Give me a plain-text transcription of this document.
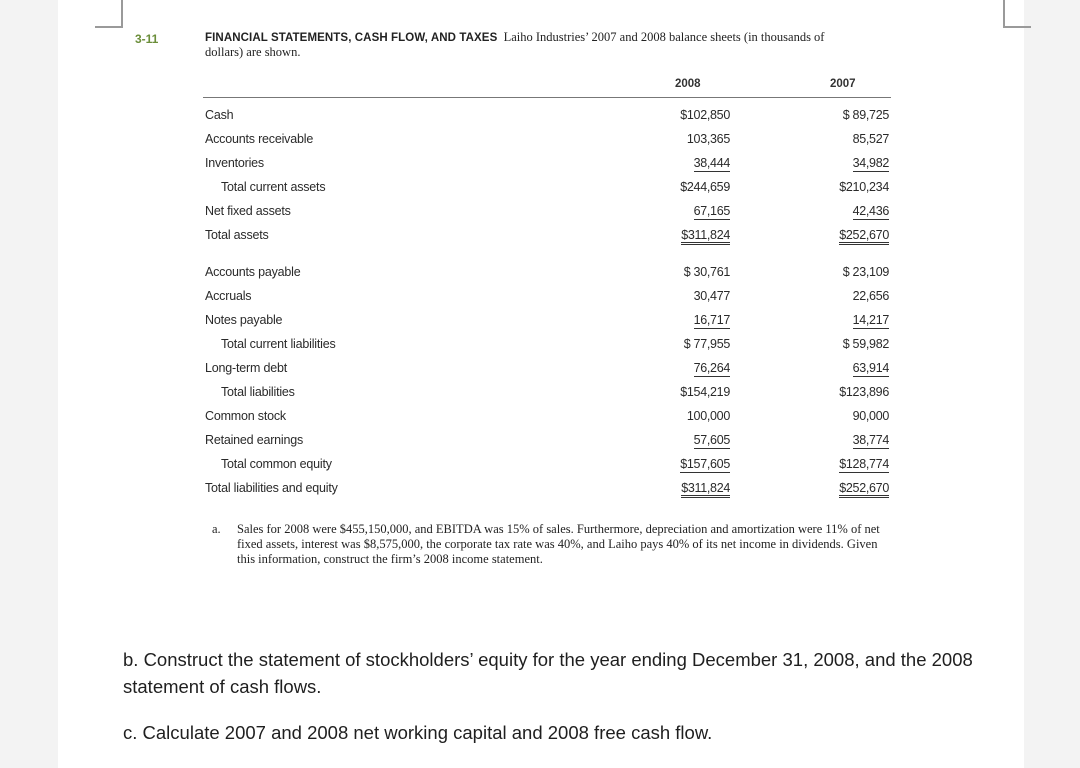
3-11	FINANCIAL STATEMENTS, CASH FLOW, AND TAXES Laiho Industries’ 2007 and 2008 balance sheets (in thousands of dollars) are shown.
2008	2007
Cash	$102,850	$ 89,725
Accounts receivable	103,365	85,527
Inventories	38,444	34,982
Total current assets	$244,659	$210,234
Net fixed assets	67,165	42,436
Total assets	$311,824	$252,670
Accounts payable	$ 30,761	$ 23,109
Accruals	30,477	22,656
Notes payable	16,717	14,217
Total current liabilities	$ 77,955	$ 59,982
Long-term debt	76,264	63,914
Total liabilities	$154,219	$123,896
Common stock	100,000	90,000
Retained earnings	57,605	38,774
Total common equity	$157,605	$128,774
Total liabilities and equity	$311,824	$252,670
a. Sales for 2008 were $455,150,000, and EBITDA was 15% of sales. Furthermore, depreciation and amortization were 11% of net fixed assets, interest was $8,575,000, the corporate tax rate was 40%, and Laiho pays 40% of its net income in dividends. Given this information, construct the firm’s 2008 income statement.
b. Construct the statement of stockholders’ equity for the year ending December 31, 2008, and the 2008 statement of cash flows.
c. Calculate 2007 and 2008 net working capital and 2008 free cash flow.
